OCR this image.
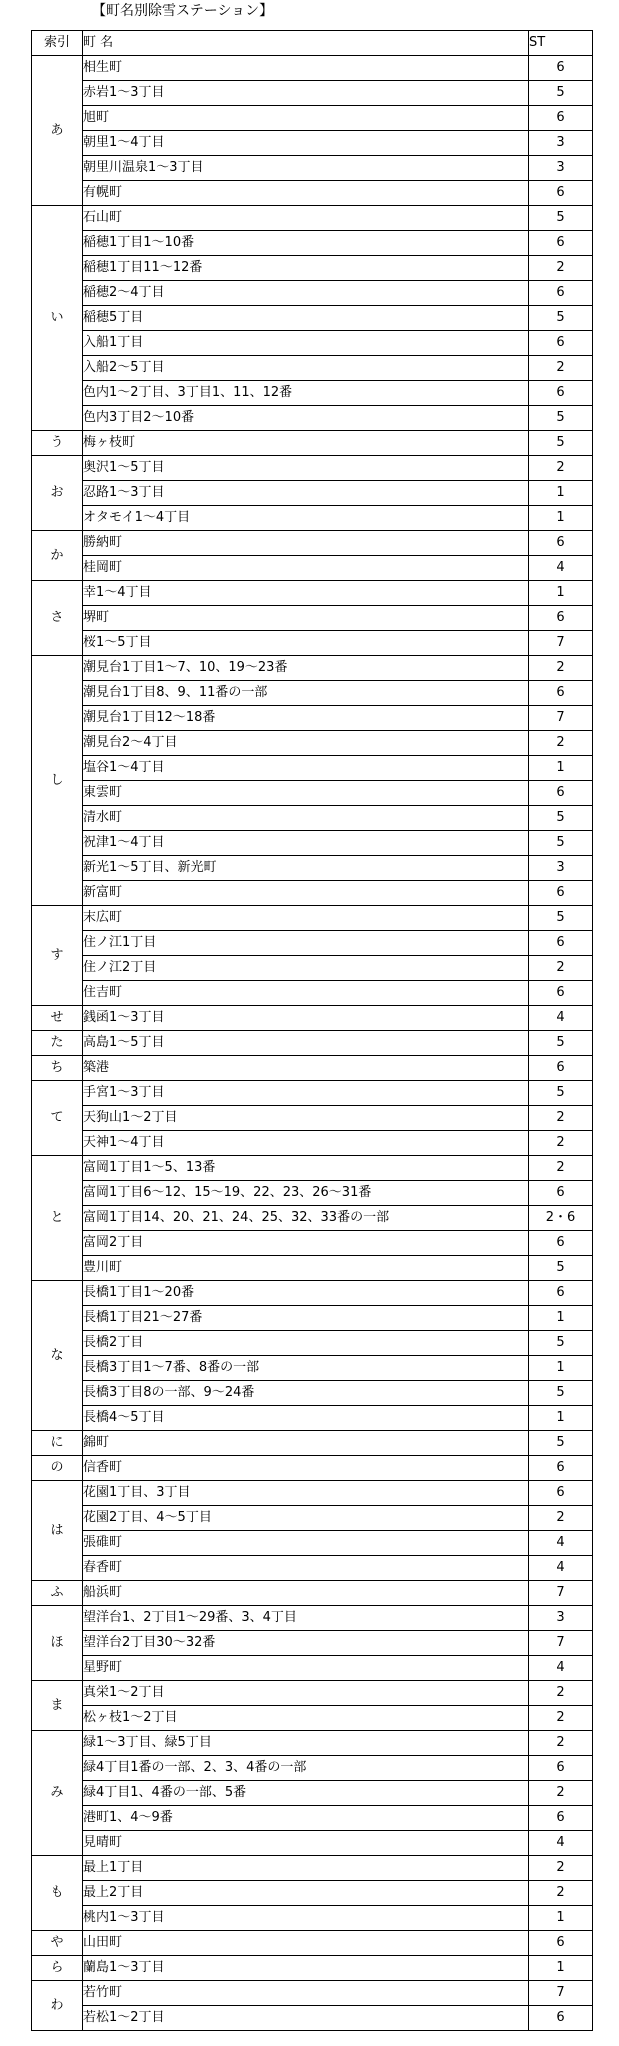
【町名別除雪ステーション】
索引	町 名	ST
あ	相生町	6
	赤岩1～3丁目	5
	旭町	6
	朝里1～4丁目	3
	朝里川温泉1～3丁目	3
	有幌町	6
い	石山町	5
	稲穂1丁目1～10番	6
	稲穂1丁目11～12番	2
	稲穂2～4丁目	6
	稲穂5丁目	5
	入船1丁目	6
	入船2～5丁目	2
	色内1～2丁目、3丁目1、11、12番	6
	色内3丁目2～10番	5
う	梅ヶ枝町	5
お	奥沢1～5丁目	2
	忍路1～3丁目	1
	オタモイ1～4丁目	1
か	勝納町	6
	桂岡町	4
さ	幸1～4丁目	1
	堺町	6
	桜1～5丁目	7
し	潮見台1丁目1～7、10、19～23番	2
	潮見台1丁目8、9、11番の一部	6
	潮見台1丁目12～18番	7
	潮見台2～4丁目	2
	塩谷1～4丁目	1
	東雲町	6
	清水町	5
	祝津1～4丁目	5
	新光1～5丁目、新光町	3
	新富町	6
す	末広町	5
	住ノ江1丁目	6
	住ノ江2丁目	2
	住吉町	6
せ	銭函1～3丁目	4
た	高島1～5丁目	5
ち	築港	6
て	手宮1～3丁目	5
	天狗山1～2丁目	2
	天神1～4丁目	2
と	富岡1丁目1～5、13番	2
	富岡1丁目6～12、15～19、22、23、26～31番	6
	富岡1丁目14、20、21、24、25、32、33番の一部	2・6
	富岡2丁目	6
	豊川町	5
な	長橋1丁目1～20番	6
	長橋1丁目21～27番	1
	長橋2丁目	5
	長橋3丁目1～7番、8番の一部	1
	長橋3丁目8の一部、9～24番	5
	長橋4～5丁目	1
に	錦町	5
の	信香町	6
は	花園1丁目、3丁目	6
	花園2丁目、4～5丁目	2
	張碓町	4
	春香町	4
ふ	船浜町	7
ほ	望洋台1、2丁目1～29番、3、4丁目	3
	望洋台2丁目30～32番	7
	星野町	4
ま	真栄1～2丁目	2
	松ヶ枝1～2丁目	2
み	緑1～3丁目、緑5丁目	2
	緑4丁目1番の一部、2、3、4番の一部	6
	緑4丁目1、4番の一部、5番	2
	港町1、4～9番	6
	見晴町	4
も	最上1丁目	2
	最上2丁目	2
	桃内1～3丁目	1
や	山田町	6
ら	蘭島1～3丁目	1
わ	若竹町	7
	若松1～2丁目	6
